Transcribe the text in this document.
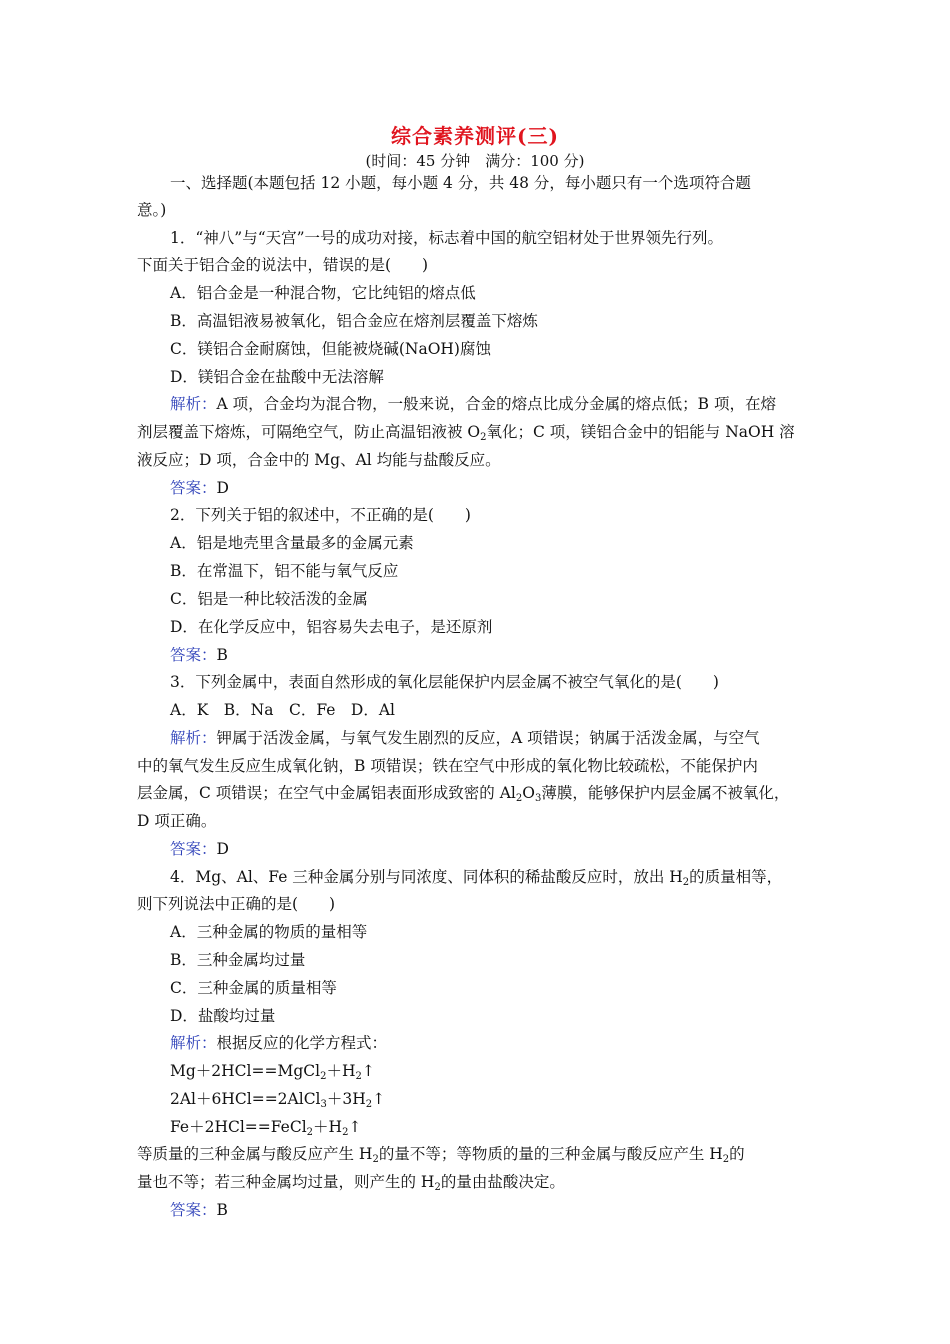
综合素养测评(三)
(时间：45 分钟　满分：100 分)
一、选择题(本题包括 12 小题，每小题 4 分，共 48 分，每小题只有一个选项符合题
意。)
1．“神八”与“天宫”一号的成功对接，标志着中国的航空铝材处于世界领先行列。
下面关于铝合金的说法中，错误的是(　　)
A．铝合金是一种混合物，它比纯铝的熔点低
B．高温铝液易被氧化，铝合金应在熔剂层覆盖下熔炼
C．镁铝合金耐腐蚀，但能被烧碱(NaOH)腐蚀
D．镁铝合金在盐酸中无法溶解
解析：A 项，合金均为混合物，一般来说，合金的熔点比成分金属的熔点低；B 项，在熔
剂层覆盖下熔炼，可隔绝空气，防止高温铝液被 $O_2$氧化；C 项，镁铝合金中的铝能与 NaOH 溶
液反应；D 项，合金中的 Mg、Al 均能与盐酸反应。
答案：D
2．下列关于铝的叙述中，不正确的是(　　)
A．铝是地壳里含量最多的金属元素
B．在常温下，铝不能与氧气反应
C．铝是一种比较活泼的金属
D．在化学反应中，铝容易失去电子，是还原剂
答案：B
3．下列金属中，表面自然形成的氧化层能保护内层金属不被空气氧化的是(　　)
A．K　B．Na　C．Fe　D．Al
解析：钾属于活泼金属，与氧气发生剧烈的反应，A 项错误；钠属于活泼金属，与空气
中的氧气发生反应生成氧化钠，B 项错误；铁在空气中形成的氧化物比较疏松，不能保护内
层金属，C 项错误；在空气中金属铝表面形成致密的 $Al_2O_3$薄膜，能够保护内层金属不被氧化，
D 项正确。
答案：D
4．Mg、Al、Fe 三种金属分别与同浓度、同体积的稀盐酸反应时，放出 $H_2$的质量相等，
则下列说法中正确的是(　　)
A．三种金属的物质的量相等
B．三种金属均过量
C．三种金属的质量相等
D．盐酸均过量
解析：根据反应的化学方程式：
$Mg+2HCl==MgCl_2+H_2↑$
$2Al+6HCl==2AlCl_3+3H_2↑$
$Fe+2HCl==FeCl_2+H_2↑$
等质量的三种金属与酸反应产生 $H_2$的量不等；等物质的量的三种金属与酸反应产生 $H_2$的
量也不等；若三种金属均过量，则产生的 $H_2$的量由盐酸决定。
答案：B
